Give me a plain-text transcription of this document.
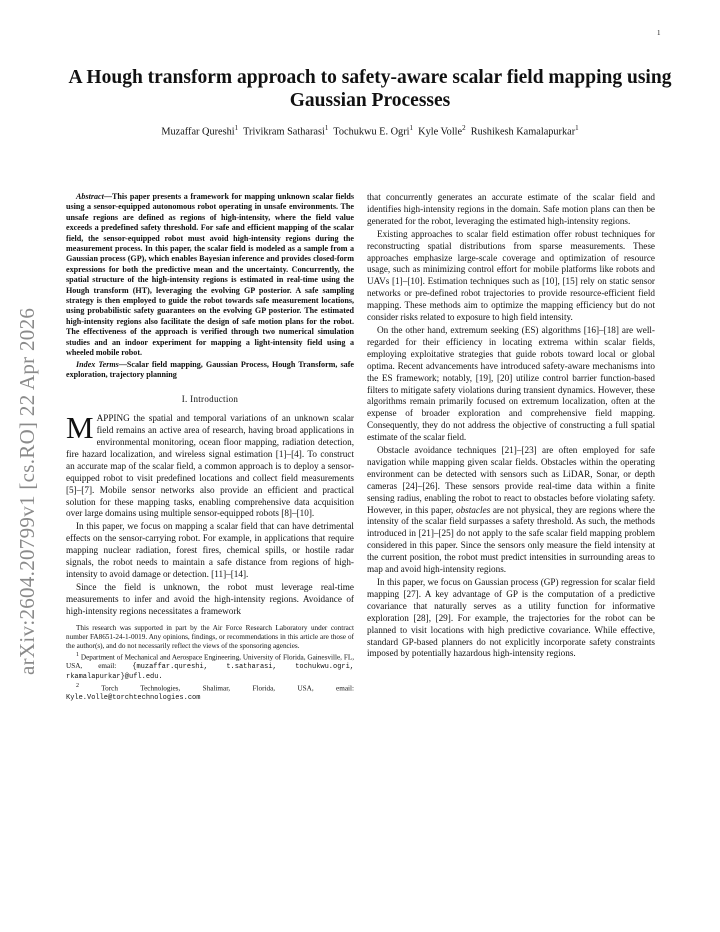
1
arXiv:2604.20799v1 [cs.RO] 22 Apr 2026
A Hough transform approach to safety-aware scalar field mapping using Gaussian Processes
Muzaffar Qureshi$^1$ Trivikram Satharasi$^1$ Tochukwu E. Ogri$^1$ Kyle Volle$^2$ Rushikesh Kamalapurkar$^1$

Abstract—This paper presents a framework for mapping unknown scalar fields using a sensor-equipped autonomous robot operating in unsafe environments. The unsafe regions are defined as regions of high-intensity, where the field value exceeds a predefined safety threshold. For safe and efficient mapping of the scalar field, the sensor-equipped robot must avoid high-intensity regions during the measurement process. In this paper, the scalar field is modeled as a sample from a Gaussian process (GP), which enables Bayesian inference and provides closed-form expressions for both the predictive mean and the uncertainty. Concurrently, the spatial structure of the high-intensity regions is estimated in real-time using the Hough transform (HT), leveraging the evolving GP posterior. A safe sampling strategy is then employed to guide the robot towards safe measurement locations, using probabilistic safety guarantees on the evolving GP posterior. The estimated high-intensity regions also facilitate the design of safe motion plans for the robot. The effectiveness of the approach is verified through two numerical simulation studies and an indoor experiment for mapping a light-intensity field using a wheeled mobile robot.

Index Terms—Scalar field mapping, Gaussian Process, Hough Transform, safe exploration, trajectory planning

I. Introduction

MAPPING the spatial and temporal variations of an unknown scalar field remains an active area of research, having broad applications in environmental monitoring, ocean floor mapping, radiation detection, fire hazard localization, and wireless signal estimation [1]–[4]. To construct an accurate map of the scalar field, a common approach is to deploy a sensor-equipped robot to visit predefined locations and collect field measurements [5]–[7]. Mobile sensor networks also provide an efficient and practical solution for these mapping tasks, enabling comprehensive data acquisition over large domains using multiple sensor-equipped robots [8]–[10].

In this paper, we focus on mapping a scalar field that can have detrimental effects on the sensor-carrying robot. For example, in applications that require mapping nuclear radiation, forest fires, chemical spills, or hostile radar signals, the robot needs to maintain a safe distance from regions of high-intensity to avoid damage or detection. [11]–[14].

Since the field is unknown, the robot must leverage real-time measurements to infer and avoid the high-intensity regions. Avoidance of high-intensity regions necessitates a framework

This research was supported in part by the Air Force Research Laboratory under contract number FA8651-24-1-0019. Any opinions, findings, or recommendations in this article are those of the author(s), and do not necessarily reflect the views of the sponsoring agencies.

$^1$ Department of Mechanical and Aerospace Engineering, University of Florida, Gainesville, FL, USA, email: {muzaffar.qureshi, t.satharasi, tochukwu.ogri, rkamalapurkar}@ufl.edu.

$^2$	Torch Technologies, Shalimar, Florida, USA, email: Kyle.Volle@torchtechnologies.com

that concurrently generates an accurate estimate of the scalar field and identifies high-intensity regions in the domain. Safe motion plans can then be generated for the robot, leveraging the estimated high-intensity regions.

Existing approaches to scalar field estimation offer robust techniques for reconstructing spatial distributions from sparse measurements. These approaches emphasize large-scale coverage and optimization of resource usage, such as minimizing control effort for mobile platforms like robots and UAVs [1]–[10]. Estimation techniques such as [10], [15] rely on static sensor networks or pre-defined robot trajectories to provide resource-efficient field mapping. These methods aim to optimize the mapping efficiency but do not consider risks related to exposure to high field intensity.

On the other hand, extremum seeking (ES) algorithms [16]–[18] are well-regarded for their efficiency in locating extrema within scalar fields, employing exploitative strategies that guide robots toward local or global optima. Recent advancements have introduced safety-aware mechanisms into the ES framework; notably, [19], [20] utilize control barrier function-based filters to mitigate safety violations during transient dynamics. However, these algorithms remain primarily focused on extremum localization, often at the expense of broader exploration and comprehensive field mapping. Consequently, they do not address the objective of constructing a full spatial estimate of the scalar field.

Obstacle avoidance techniques [21]–[23] are often employed for safe navigation while mapping given scalar fields. Obstacles within the operating environment can be detected with sensors such as LiDAR, Sonar, or depth cameras [24]–[26]. These sensors provide real-time data within a finite sensing radius, enabling the robot to react to obstacles before violating safety. However, in this paper, obstacles are not physical, they are regions where the intensity of the scalar field surpasses a safety threshold. As such, the methods introduced in [21]–[25] do not apply to the safe scalar field mapping problem considered in this paper. Since the sensors only measure the field intensity at the current position, the robot must predict intensities in surrounding areas to map and avoid high-intensity regions.

In this paper, we focus on Gaussian process (GP) regression for scalar field mapping [27]. A key advantage of GP is the computation of a predictive covariance that naturally serves as a utility function for informative exploration [28], [29]. For example, the trajectories for the robot can be planned to visit locations with high predictive covariance. While effective, standard GP-based planners do not explicitly incorporate safety constraints imposed by potentially hazardous high-intensity regions.
